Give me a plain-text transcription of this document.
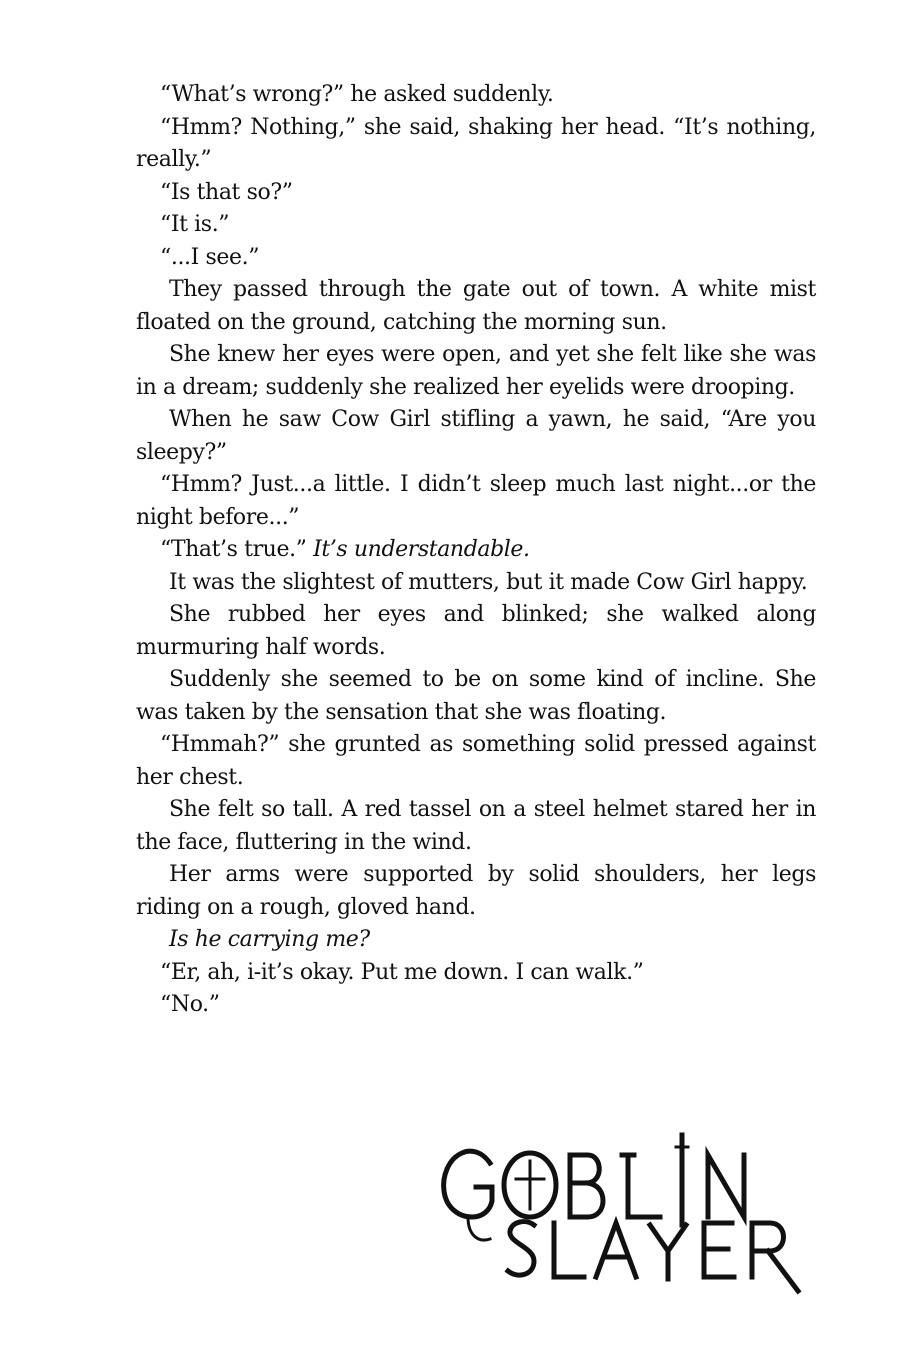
“What’s wrong?” he asked suddenly.

“Hmm? Nothing,” she said, shaking her head. “It’s nothing, really.”

“Is that so?”

“It is.”

“...I see.”

They passed through the gate out of town. A white mist floated on the ground, catching the morning sun.

She knew her eyes were open, and yet she felt like she was in a dream; suddenly she realized her eyelids were drooping.

When he saw Cow Girl stifling a yawn, he said, “Are you sleepy?”

“Hmm? Just...a little. I didn’t sleep much last night...or the night before...”

“That’s true.” It’s understandable.

It was the slightest of mutters, but it made Cow Girl happy.

She rubbed her eyes and blinked; she walked along murmuring half words.

Suddenly she seemed to be on some kind of incline. She was taken by the sensation that she was floating.

“Hmmah?” she grunted as something solid pressed against her chest.

She felt so tall. A red tassel on a steel helmet stared her in the face, fluttering in the wind.

Her arms were supported by solid shoulders, her legs riding on a rough, gloved hand.

Is he carrying me?

“Er, ah, i-it’s okay. Put me down. I can walk.”

“No.”
